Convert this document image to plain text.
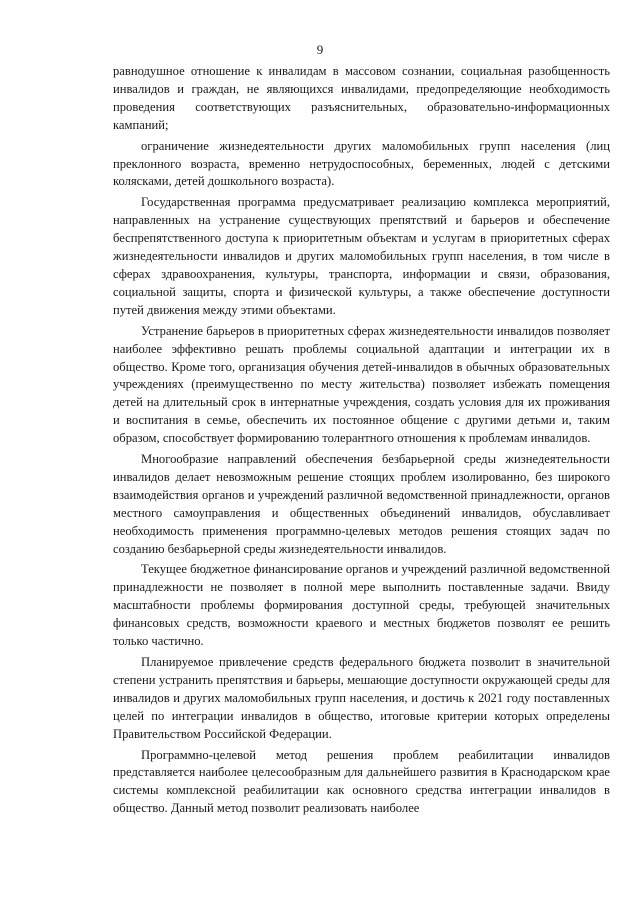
9

равнодушное отношение к инвалидам в массовом сознании, социальная разобщенность инвалидов и граждан, не являющихся инвалидами, предопределяющие необходимость проведения соответствующих разъяснительных, образовательно-информационных кампаний;

ограничение жизнедеятельности других маломобильных групп населения (лиц преклонного возраста, временно нетрудоспособных, беременных, людей с детскими колясками, детей дошкольного возраста).

Государственная программа предусматривает реализацию комплекса мероприятий, направленных на устранение существующих препятствий и барьеров и обеспечение беспрепятственного доступа к приоритетным объектам и услугам в приоритетных сферах жизнедеятельности инвалидов и других маломобильных групп населения, в том числе в сферах здравоохранения, культуры, транспорта, информации и связи, образования, социальной защиты, спорта и физической культуры, а также обеспечение доступности путей движения между этими объектами.

Устранение барьеров в приоритетных сферах жизнедеятельности инвалидов позволяет наиболее эффективно решать проблемы социальной адаптации и интеграции их в общество. Кроме того, организация обучения детей-инвалидов в обычных образовательных учреждениях (преимущественно по месту жительства) позволяет избежать помещения детей на длительный срок в интернатные учреждения, создать условия для их проживания и воспитания в семье, обеспечить их постоянное общение с другими детьми и, таким образом, способствует формированию толерантного отношения к проблемам инвалидов.

Многообразие направлений обеспечения безбарьерной среды жизнедеятельности инвалидов делает невозможным решение стоящих проблем изолированно, без широкого взаимодействия органов и учреждений различной ведомственной принадлежности, органов местного самоуправления и общественных объединений инвалидов, обуславливает необходимость применения программно-целевых методов решения стоящих задач по созданию безбарьерной среды жизнедеятельности инвалидов.

Текущее бюджетное финансирование органов и учреждений различной ведомственной принадлежности не позволяет в полной мере выполнить поставленные задачи. Ввиду масштабности проблемы формирования доступной среды, требующей значительных финансовых средств, возможности краевого и местных бюджетов позволят ее решить только частично.

Планируемое привлечение средств федерального бюджета позволит в значительной степени устранить препятствия и барьеры, мешающие доступности окружающей среды для инвалидов и других маломобильных групп населения, и достичь к 2021 году поставленных целей по интеграции инвалидов в общество, итоговые критерии которых определены Правительством Российской Федерации.

Программно-целевой метод решения проблем реабилитации инвалидов представляется наиболее целесообразным для дальнейшего развития в Краснодарском крае системы комплексной реабилитации как основного средства интеграции инвалидов в общество. Данный метод позволит реализовать наиболее
